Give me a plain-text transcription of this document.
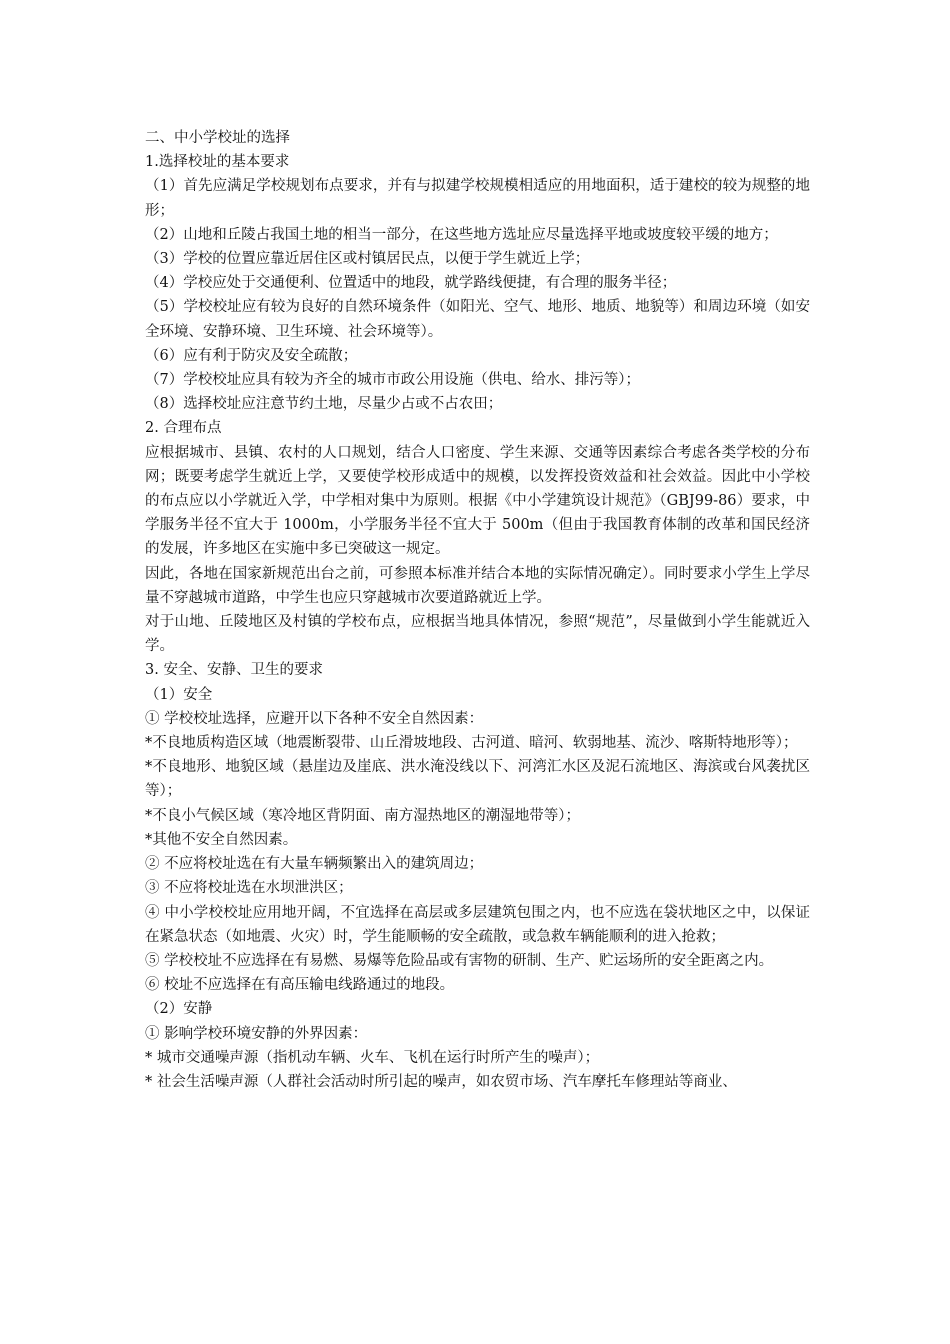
二、中小学校址的选择

1.选择校址的基本要求

（1）首先应满足学校规划布点要求，并有与拟建学校规模相适应的用地面积，适于建校的较为规整的地形；

（2）山地和丘陵占我国土地的相当一部分，在这些地方选址应尽量选择平地或坡度较平缓的地方；

（3）学校的位置应靠近居住区或村镇居民点，以便于学生就近上学；

（4）学校应处于交通便利、位置适中的地段，就学路线便捷，有合理的服务半径；

（5）学校校址应有较为良好的自然环境条件（如阳光、空气、地形、地质、地貌等）和周边环境（如安全环境、安静环境、卫生环境、社会环境等）。

（6）应有利于防灾及安全疏散；

（7）学校校址应具有较为齐全的城市市政公用设施（供电、给水、排污等）；

（8）选择校址应注意节约土地，尽量少占或不占农田；

2. 合理布点

应根据城市、县镇、农村的人口规划，结合人口密度、学生来源、交通等因素综合考虑各类学校的分布网；既要考虑学生就近上学，又要使学校形成适中的规模，以发挥投资效益和社会效益。因此中小学校的布点应以小学就近入学，中学相对集中为原则。根据《中小学建筑设计规范》（GBJ99-86）要求，中学服务半径不宜大于 1000m，小学服务半径不宜大于 500m（但由于我国教育体制的改革和国民经济的发展，许多地区在实施中多已突破这一规定。

因此，各地在国家新规范出台之前，可参照本标准并结合本地的实际情况确定）。同时要求小学生上学尽量不穿越城市道路，中学生也应只穿越城市次要道路就近上学。

对于山地、丘陵地区及村镇的学校布点，应根据当地具体情况，参照“规范”，尽量做到小学生能就近入学。

3. 安全、安静、卫生的要求

（1）安全

① 学校校址选择，应避开以下各种不安全自然因素：

*不良地质构造区域（地震断裂带、山丘滑坡地段、古河道、暗河、软弱地基、流沙、喀斯特地形等）；

*不良地形、地貌区域（悬崖边及崖底、洪水淹没线以下、河湾汇水区及泥石流地区、海滨或台风袭扰区等）；

*不良小气候区域（寒冷地区背阴面、南方湿热地区的潮湿地带等）；

*其他不安全自然因素。

② 不应将校址选在有大量车辆频繁出入的建筑周边；

③ 不应将校址选在水坝泄洪区；

④ 中小学校校址应用地开阔，不宜选择在高层或多层建筑包围之内，也不应选在袋状地区之中，以保证在紧急状态（如地震、火灾）时，学生能顺畅的安全疏散，或急救车辆能顺利的进入抢救；

⑤ 学校校址不应选择在有易燃、易爆等危险品或有害物的研制、生产、贮运场所的安全距离之内。

⑥ 校址不应选择在有高压输电线路通过的地段。

（2）安静

① 影响学校环境安静的外界因素：

* 城市交通噪声源（指机动车辆、火车、飞机在运行时所产生的噪声）；

* 社会生活噪声源（人群社会活动时所引起的噪声，如农贸市场、汽车摩托车修理站等商业、
